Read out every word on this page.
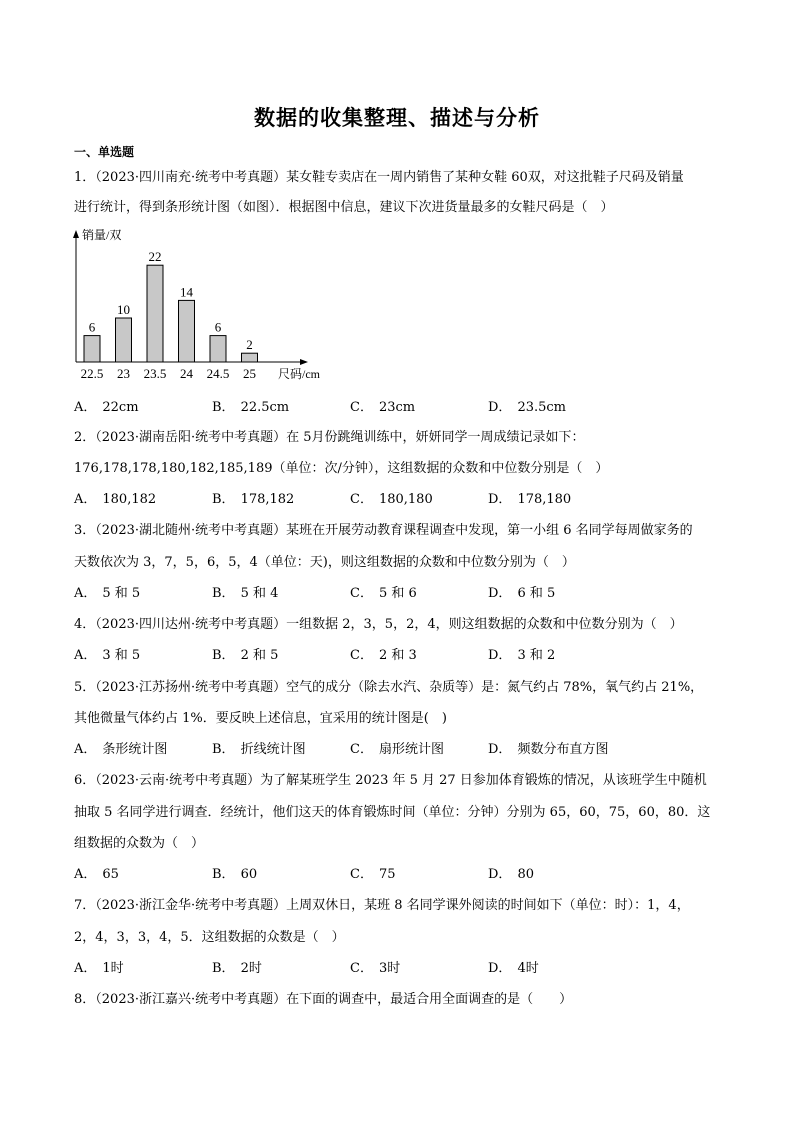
数据的收集整理、描述与分析
一、单选题
1．（2023·四川南充·统考中考真题）某女鞋专卖店在一周内销售了某种女鞋 60双，对这批鞋子尺码及销量
进行统计，得到条形统计图（如图）．根据图中信息，建议下次进货量最多的女鞋尺码是（　）
销量/双
尺码/cm
6
22.5
10
23
22
23.5
14
24
6
24.5
2
25
A． 22cm	B． 22.5cm	C． 23cm	D． 23.5cm
2．（2023·湖南岳阳·统考中考真题）在 5月份跳绳训练中，妍妍同学一周成绩记录如下：
176,178,178,180,182,185,189（单位：次/分钟），这组数据的众数和中位数分别是（　）
A． 180,182	B． 178,182	C． 180,180	D． 178,180
3．（2023·湖北随州·统考中考真题）某班在开展劳动教育课程调查中发现，第一小组 6 名同学每周做家务的
天数依次为 3，7，5，6，5，4（单位：天)，则这组数据的众数和中位数分别为（　）
A． 5 和 5	B． 5 和 4	C． 5 和 6	D． 6 和 5
4．（2023·四川达州·统考中考真题）一组数据 2，3，5，2，4，则这组数据的众数和中位数分别为（　）
A． 3 和 5	B． 2 和 5	C． 2 和 3	D． 3 和 2
5．（2023·江苏扬州·统考中考真题）空气的成分（除去水汽、杂质等）是：氮气约占 78%，氧气约占 21%，
其他微量气体约占 1%．要反映上述信息，宜采用的统计图是(　)
A． 条形统计图	B． 折线统计图	C． 扇形统计图	D． 频数分布直方图
6．（2023·云南·统考中考真题）为了解某班学生 2023 年 5 月 27 日参加体育锻炼的情况，从该班学生中随机
抽取 5 名同学进行调查．经统计，他们这天的体育锻炼时间（单位：分钟）分别为 65，60，75，60，80．这
组数据的众数为（　）
A． 65	B． 60	C． 75	D． 80
7．（2023·浙江金华·统考中考真题）上周双休日，某班 8 名同学课外阅读的时间如下（单位：时）：1，4，
2，4，3，3，4，5．这组数据的众数是（　）
A． 1时	B． 2时	C． 3时	D． 4时
8．（2023·浙江嘉兴·统考中考真题）在下面的调查中，最适合用全面调查的是（　　）
